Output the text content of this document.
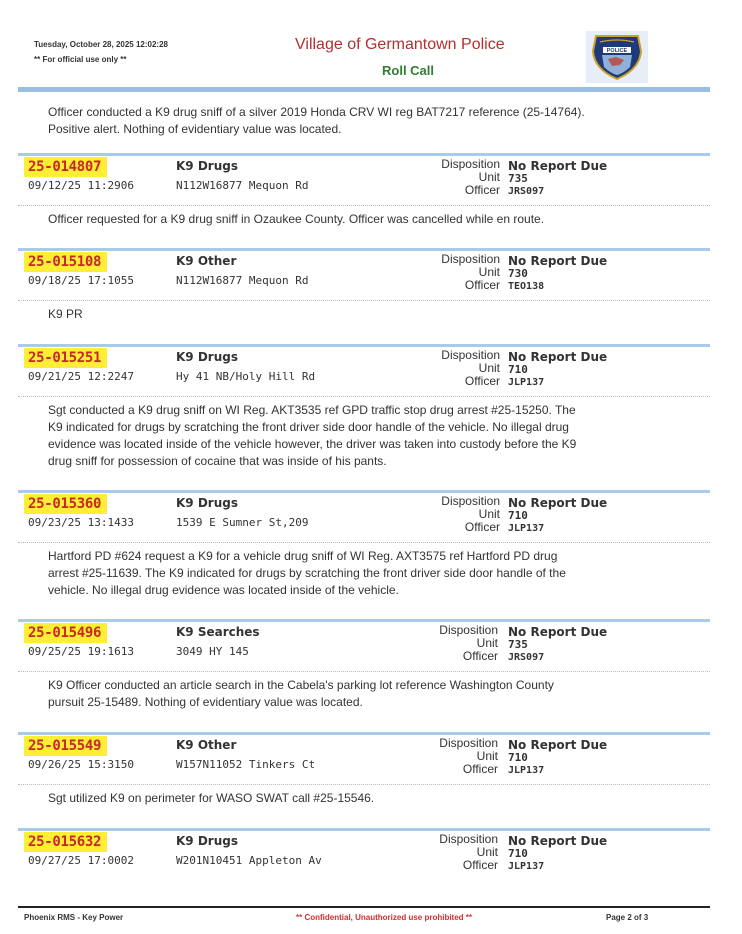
Tuesday, October 28, 2025 12:02:28
** For official use only **
Village of Germantown Police
Roll Call
POLICE
Officer conducted a K9 drug sniff of a silver 2019 Honda CRV WI reg BAT7217 reference (25-14764). Positive alert. Nothing of evidentiary value was located.
25-014807
09/12/25 11:2906
K9 Drugs
N112W16877 Mequon Rd
Disposition
Unit
Officer
No Report Due
735
JRS097
Officer requested for a K9 drug sniff in Ozaukee County. Officer was cancelled while en route.
25-015108
09/18/25 17:1055
K9 Other
N112W16877 Mequon Rd
Disposition
Unit
Officer
No Report Due
730
TEO138
K9 PR
25-015251
09/21/25 12:2247
K9 Drugs
Hy 41 NB/Holy Hill Rd
Disposition
Unit
Officer
No Report Due
710
JLP137
Sgt conducted a K9 drug sniff on WI Reg. AKT3535 ref GPD traffic stop drug arrest #25-15250. The K9 indicated for drugs by scratching the front driver side door handle of the vehicle. No illegal drug evidence was located inside of the vehicle however, the driver was taken into custody before the K9 drug sniff for possession of cocaine that was inside of his pants.
25-015360
09/23/25 13:1433
K9 Drugs
1539 E Sumner St,209
Disposition
Unit
Officer
No Report Due
710
JLP137
Hartford PD #624 request a K9 for a vehicle drug sniff of WI Reg. AXT3575 ref Hartford PD drug arrest #25-11639. The K9 indicated for drugs by scratching the front driver side door handle of the vehicle. No illegal drug evidence was located inside of the vehicle.
25-015496
09/25/25 19:1613
K9 Searches
3049 HY 145
Disposition
Unit
Officer
No Report Due
735
JRS097
K9 Officer conducted an article search in the Cabela's parking lot reference Washington County pursuit 25-15489. Nothing of evidentiary value was located.
25-015549
09/26/25 15:3150
K9 Other
W157N11052 Tinkers Ct
Disposition
Unit
Officer
No Report Due
710
JLP137
Sgt utilized K9 on perimeter for WASO SWAT call #25-15546.
25-015632
09/27/25 17:0002
K9 Drugs
W201N10451 Appleton Av
Disposition
Unit
Officer
No Report Due
710
JLP137
Phoenix RMS - Key Power	** Confidential, Unauthorized use prohibited **	Page 2 of 3
